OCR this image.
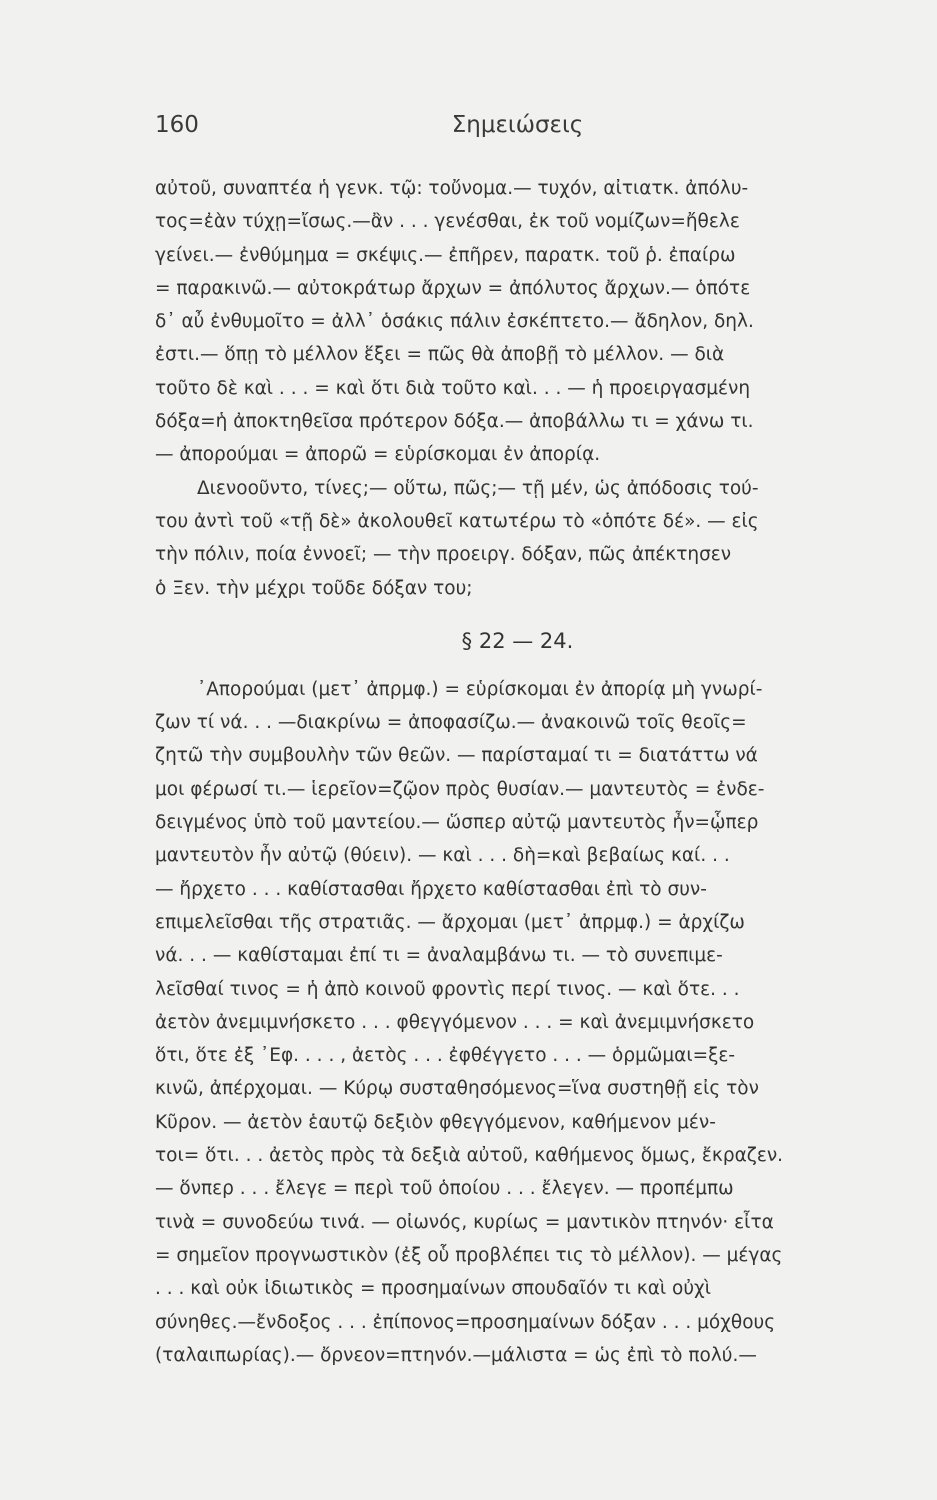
160	Σημειώσεις
αὐτοῦ, συναπτέα ἡ γενκ. τῷ: τοὔνομα.— τυχόν, αἰτιατκ. ἀπόλυ-
τος=ἐὰν τύχῃ=ἴσως.—ἂν . . . γενέσθαι, ἐκ τοῦ νομίζων=ἤθελε
γείνει.— ἐνθύμημα = σκέψις.— ἐπῆρεν, παρατκ. τοῦ ῥ. ἐπαίρω
= παρακινῶ.— αὐτοκράτωρ ἄρχων = ἀπόλυτος ἄρχων.— ὁπότε
δ᾽ αὖ ἐνθυμοῖτο = ἀλλ᾽ ὁσάκις πάλιν ἐσκέπτετο.— ἄδηλον, δηλ.
ἐστι.— ὅπῃ τὸ μέλλον ἕξει = πῶς θὰ ἀποβῇ τὸ μέλλον. — διὰ
τοῦτο δὲ καὶ . . . = καὶ ὅτι διὰ τοῦτο καὶ. . . — ἡ προειργασμένη
δόξα=ἡ ἀποκτηθεῖσα πρότερον δόξα.— ἀποβάλλω τι = χάνω τι.
— ἀπορούμαι = ἀπορῶ = εὑρίσκομαι ἐν ἀπορίᾳ.
Διενοοῦντο, τίνες;— οὕτω, πῶς;— τῇ μέν, ὡς ἀπόδοσις τού-
του ἀντὶ τοῦ «τῇ δὲ» ἀκολουθεῖ κατωτέρω τὸ «ὁπότε δέ». — εἰς
τὴν πόλιν, ποία ἐννοεῖ; — τὴν προειργ. δόξαν, πῶς ἀπέκτησεν
ὁ Ξεν. τὴν μέχρι τοῦδε δόξαν του;
§ 22 — 24.
᾿Απορούμαι (μετ᾽ ἀπρμφ.) = εὑρίσκομαι ἐν ἀπορίᾳ μὴ γνωρί-
ζων τί νά. . . —διακρίνω = ἀποφασίζω.— ἀνακοινῶ τοῖς θεοῖς=
ζητῶ τὴν συμβουλὴν τῶν θεῶν. — παρίσταμαί τι = διατάττω νά
μοι φέρωσί τι.— ἱερεῖον=ζῷον πρὸς θυσίαν.— μαντευτὸς = ἐνδε-
δειγμένος ὑπὸ τοῦ μαντείου.— ὥσπερ αὐτῷ μαντευτὸς ἦν=ᾧπερ
μαντευτὸν ἦν αὐτῷ (θύειν). — καὶ . . . δὴ=καὶ βεβαίως καί. . .
— ἤρχετο . . . καθίστασθαι ἤρχετο καθίστασθαι ἐπὶ τὸ συν-
επιμελεῖσθαι τῆς στρατιᾶς. — ἄρχομαι (μετ᾽ ἀπρμφ.) = ἀρχίζω
νά. . . — καθίσταμαι ἐπί τι = ἀναλαμβάνω τι. — τὸ συνεπιμε-
λεῖσθαί τινος = ἡ ἀπὸ κοινοῦ φροντὶς περί τινος. — καὶ ὅτε. . .
ἀετὸν ἀνεμιμνήσκετο . . . φθεγγόμενον . . . = καὶ ἀνεμιμνήσκετο
ὅτι, ὅτε ἐξ ᾿Εφ. . . . , ἀετὸς . . . ἐφθέγγετο . . . — ὁρμῶμαι=ξε-
κινῶ, ἀπέρχομαι. — Κύρῳ συσταθησόμενος=ἵνα συστηθῇ εἰς τὸν
Κῦρον. — ἀετὸν ἑαυτῷ δεξιὸν φθεγγόμενον, καθήμενον μέν-
τοι= ὅτι. . . ἀετὸς πρὸς τὰ δεξιὰ αὐτοῦ, καθήμενος ὅμως, ἔκραζεν.
— ὅνπερ . . . ἔλεγε = περὶ τοῦ ὁποίου . . . ἔλεγεν. — προπέμπω
τινὰ = συνοδεύω τινά. — οἰωνός, κυρίως = μαντικὸν πτηνόν· εἶτα
= σημεῖον προγνωστικὸν (ἐξ οὗ προβλέπει τις τὸ μέλλον). — μέγας
. . . καὶ οὐκ ἰδιωτικὸς = προσημαίνων σπουδαῖόν τι καὶ οὐχὶ
σύνηθες.—ἔνδοξος . . . ἐπίπονος=προσημαίνων δόξαν . . . μόχθους
(ταλαιπωρίας).— ὄρνεον=πτηνόν.—μάλιστα = ὡς ἐπὶ τὸ πολύ.—
